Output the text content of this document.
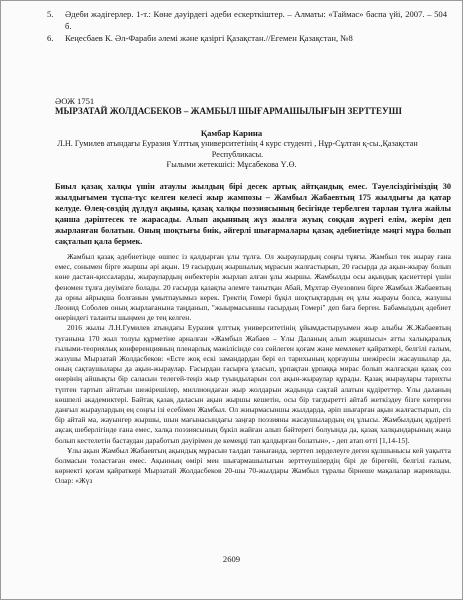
5.	Әдеби жәдігерлер. 1-т.: Көне дәуірдегі әдеби ескерткіштер. – Алматы: «Таймас» баспа үйі, 2007. – 504 б.
6.	Кеңесбаев К. Әл-Фараби әлемі және қазіргі Қазақстан.//Егемен Қазақстан, №8
ӘОЖ 1751
МЫРЗАТАЙ ЖОЛДАСБЕКОВ – ЖАМБЫЛ ШЫҒАРМАШЫЛЫҒЫН ЗЕРТТЕУШІ
Қамбар Карина
Л.Н. Гумилев атындағы Еуразия Ұлттық университетінің 4 курс студенті , Нұр-Сұлтан қ-сы.,Қазақстан Республикасы.
Ғылыми жетекшісі: Мұсабекова Ү.Ө.
Биыл қазақ халқы үшін атаулы жылдың бірі десек артық айтқандық емес. Тәуелсіздігіміздің 30 жылдығымен тұспа-тұс келген келесі жыр жампозы – Жамбыл Жабаевтың 175 жылдығы да қатар келуде. Өлең-сөздің дүлдүл ақыны, қазақ халқы поэзиясының бесігінде тербелген тарлан тұлға жайлы қанша дәріптесек те жарасады. Алып ақынның жүз жылға жуық соққан жүрегі елім, жерім деп жырланған болатын. Оның шоқтығы биік, әйгерлі шығармалары қазақ әдебиетінде мәңгі мұра болып сақталып қала бермек.

Жамбыл қазақ әдебиетінде өшпес із қалдырған ұлы тұлға. Ол жыраулардың соңғы тұяғы. Жамбыл тек жырау ғана емес, сонымен бірге жыршы әрі ақын. 19 ғасырдың жыршылық мұрасын жалғастырып, 20 ғасырда да ақын-жырау болып көне дастан-қиссаларды, жыраулардың өнбектерін жырлап алған ұлы жыршы. Жамбылды осы ақындық қасиеттері үшін феномен тұлға деуімізге болады. 20 ғасырда қазақты әлемге танытқан Абай, Мұхтар Әуезовпен бірге Жамбыл Жабаевтың да орны айрықша болғанын ұмытпауымыз керек. Гректің Гомері бұқіл шоқтықтардың ең ұлы жырауы болса, жазушы Леонид Соболев оның жырлағанына таңданып, "жыырмасыншы ғасырдың Гомері" деп баға берген. Бабамыздың әдебиет өнеріндегі таланты шыңмен де тең келген.

2016 жылы Л.Н.Гумилев атындағы Еуразия ұлттық университетінің ұйымдастыруымен жыр алыбы Ж.Жабаевтың туғанына 170 жыл толуы құрметіне арналған «Жамбыл Жабаев – Ұлы Даланың алып жыршысы» атты халықаралық ғылыми-теориялық конференцияның пленарлық мәжілісінде сөз сөйлеген қоғам және мемлекет қайраткері, белгілі ғалым, жазушы Мырзатай Жолдасбеков: «Есте жоқ ескі замандардан бері ел тарихының қорғаушы шежіресін жасаушылар да, оның сақтаушылары да ақын-жыраулар. Ғасырдан ғасырға ұласып, ұрпақтан ұрпаққа мирас болып жалғасқан қазақ сөз өнерінің айшықты бір саласын телегей-теңіз жыр туындыларын сол ақын-жыраулар құрады. Қазақ жыраулары тарихты түптен тартып айтатын шежірешілер, миллиондаған жыр жолдарын жадында сақтай алатын құдіреттер. Ұлы даланың көшпелі академиктері. Байтақ қазақ даласын ақын жыршы кешетін, осы бір тағдыретті айтаб жеткіздеу бізге көтерген данғыл жыраулардың ең соңғы ізі есебімен Жамбыл. Ол жиырмасыншы жылдарда, әріп шығарған ақын жалғастырып, сіз бір айтай ма, жауынгер жыршы, шын мағынасындағы заңғар поэзияны жасаушылардың ең ұлысы. Жамбылдың құдіреті ақсақ шеберлігінде ғана емес, халқа поэзиясының бұкіл жайған алып бәйтерегі болуында да, қазақ халқындарының жаңа болып кестелетін бастаудан даработып дәуірімен де кемеңді тап қалдырған болатын», - деп атап өтті [1,14-15].

Ұлы ақын Жамбыл Жабаевтың ақындық мұрасын талдап танығанда, зерттеп зерделеуге деген құлшынысы кей уақытта болмасын толастаған емес. Ақынның өмірі мен шығармашылығын зерттеушілердің бірі де бірегейі, белгілі ғалым, көрнекті қоғам қайраткері Мырзатай Жолдасбеков 20-шы 70-жылдары Жамбыл тұралы бірнеше мақалалар жариялады. Олар: «Жүз

2609
